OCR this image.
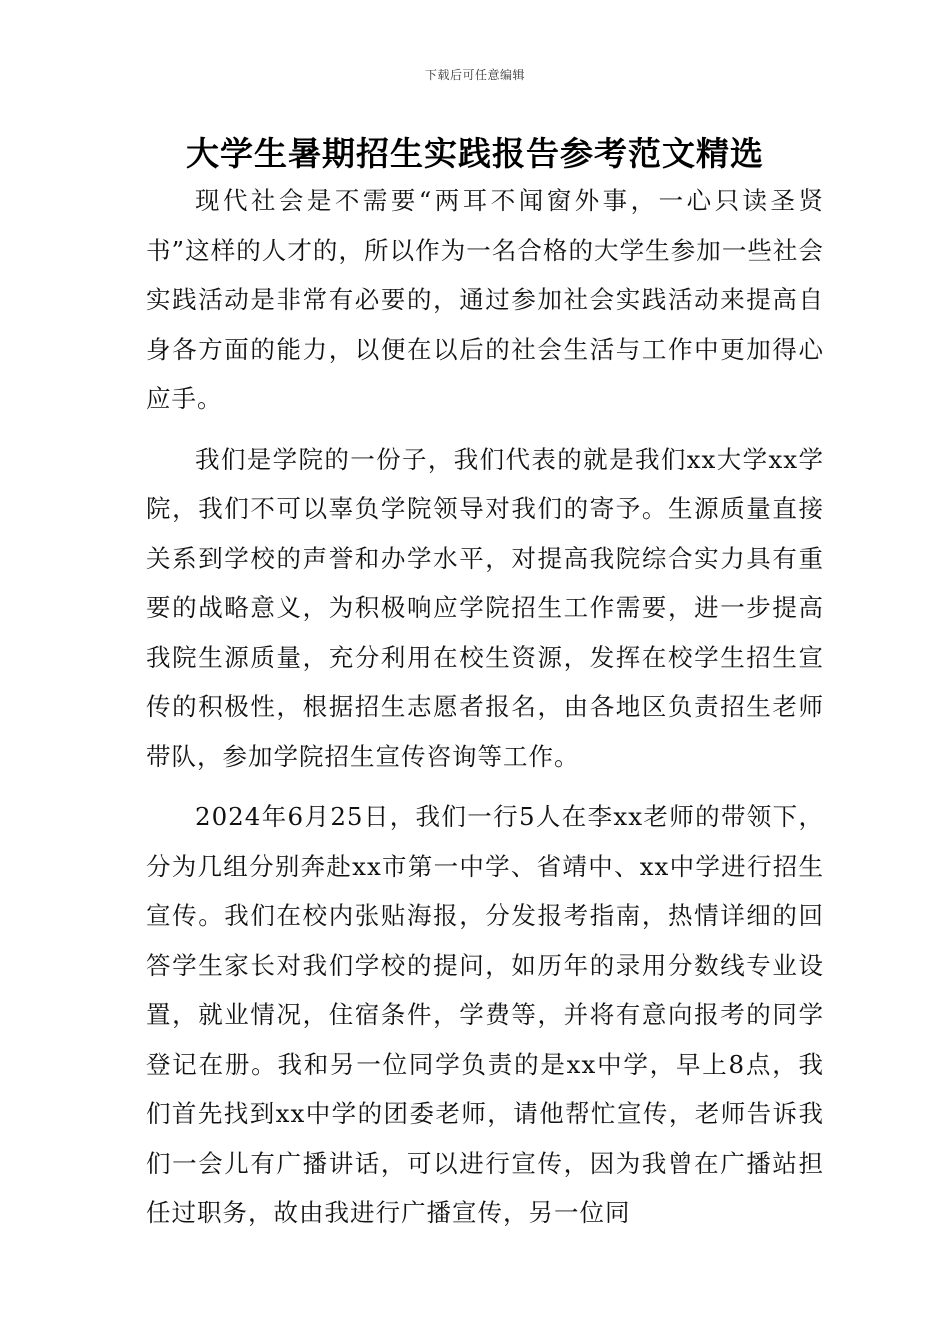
下载后可任意编辑
大学生暑期招生实践报告参考范文精选

现代社会是不需要“两耳不闻窗外事，一心只读圣贤书”这样的人才的，所以作为一名合格的大学生参加一些社会实践活动是非常有必要的，通过参加社会实践活动来提高自身各方面的能力，以便在以后的社会生活与工作中更加得心应手。

我们是学院的一份子，我们代表的就是我们xx大学xx学院，我们不可以辜负学院领导对我们的寄予。生源质量直接关系到学校的声誉和办学水平，对提高我院综合实力具有重要的战略意义，为积极响应学院招生工作需要，进一步提高我院生源质量，充分利用在校生资源，发挥在校学生招生宣传的积极性，根据招生志愿者报名，由各地区负责招生老师带队，参加学院招生宣传咨询等工作。

2024年6月25日，我们一行5人在李xx老师的带领下，分为几组分别奔赴xx市第一中学、省靖中、xx中学进行招生宣传。我们在校内张贴海报，分发报考指南，热情详细的回答学生家长对我们学校的提问，如历年的录用分数线专业设置，就业情况，住宿条件，学费等，并将有意向报考的同学登记在册。我和另一位同学负责的是xx中学，早上8点，我们首先找到xx中学的团委老师，请他帮忙宣传，老师告诉我们一会儿有广播讲话，可以进行宣传，因为我曾在广播站担任过职务，故由我进行广播宣传，另一位同
